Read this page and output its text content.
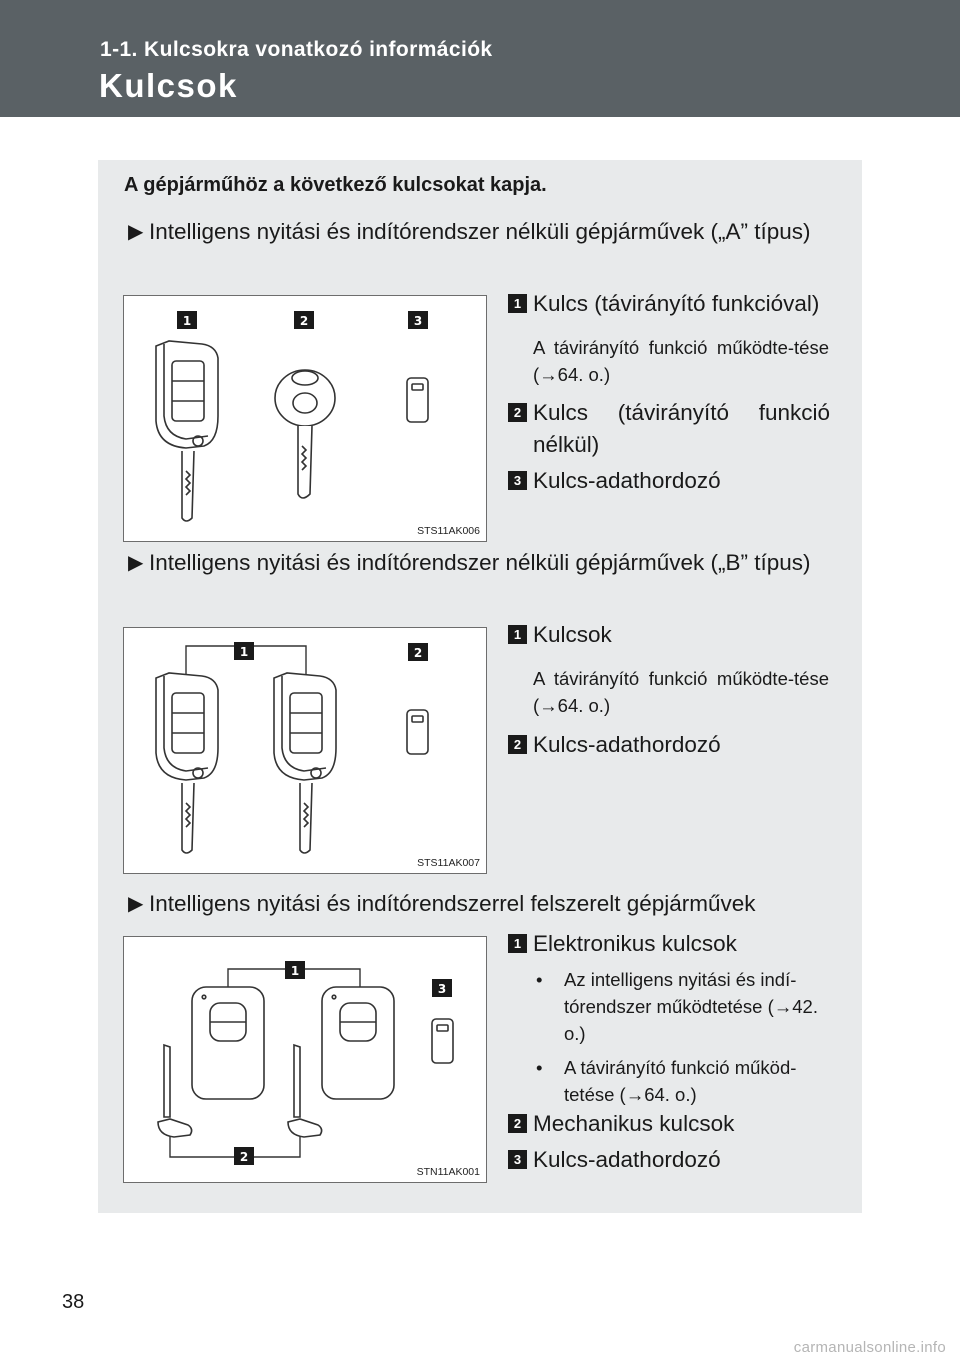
1-1. Kulcsokra vonatkozó információk
Kulcsok
A gépjárműhöz a következő kulcsokat kapja.
▶ Intelligens nyitási és indítórendszer nélküli gépjárművek („A” típus)
1	2	3
STS11AK006
1 Kulcs (távirányító funkcióval)
A távirányító funkció működte-tése (→64. o.)
2 Kulcs (távirányító funkció nélkül)
3 Kulcs-adathordozó
▶ Intelligens nyitási és indítórendszer nélküli gépjárművek („B” típus)
1	2
STS11AK007
1 Kulcsok
A távirányító funkció működte-tése (→64. o.)
2 Kulcs-adathordozó
▶ Intelligens nyitási és indítórendszerrel felszerelt gépjárművek
1
3
2
STN11AK001
1 Elektronikus kulcsok
•	Az intelligens nyitási és indí-tórendszer működtetése (→42. o.)
•	A távirányító funkció működ-tetése (→64. o.)
2 Mechanikus kulcsok
3 Kulcs-adathordozó
38
carmanualsonline.info
